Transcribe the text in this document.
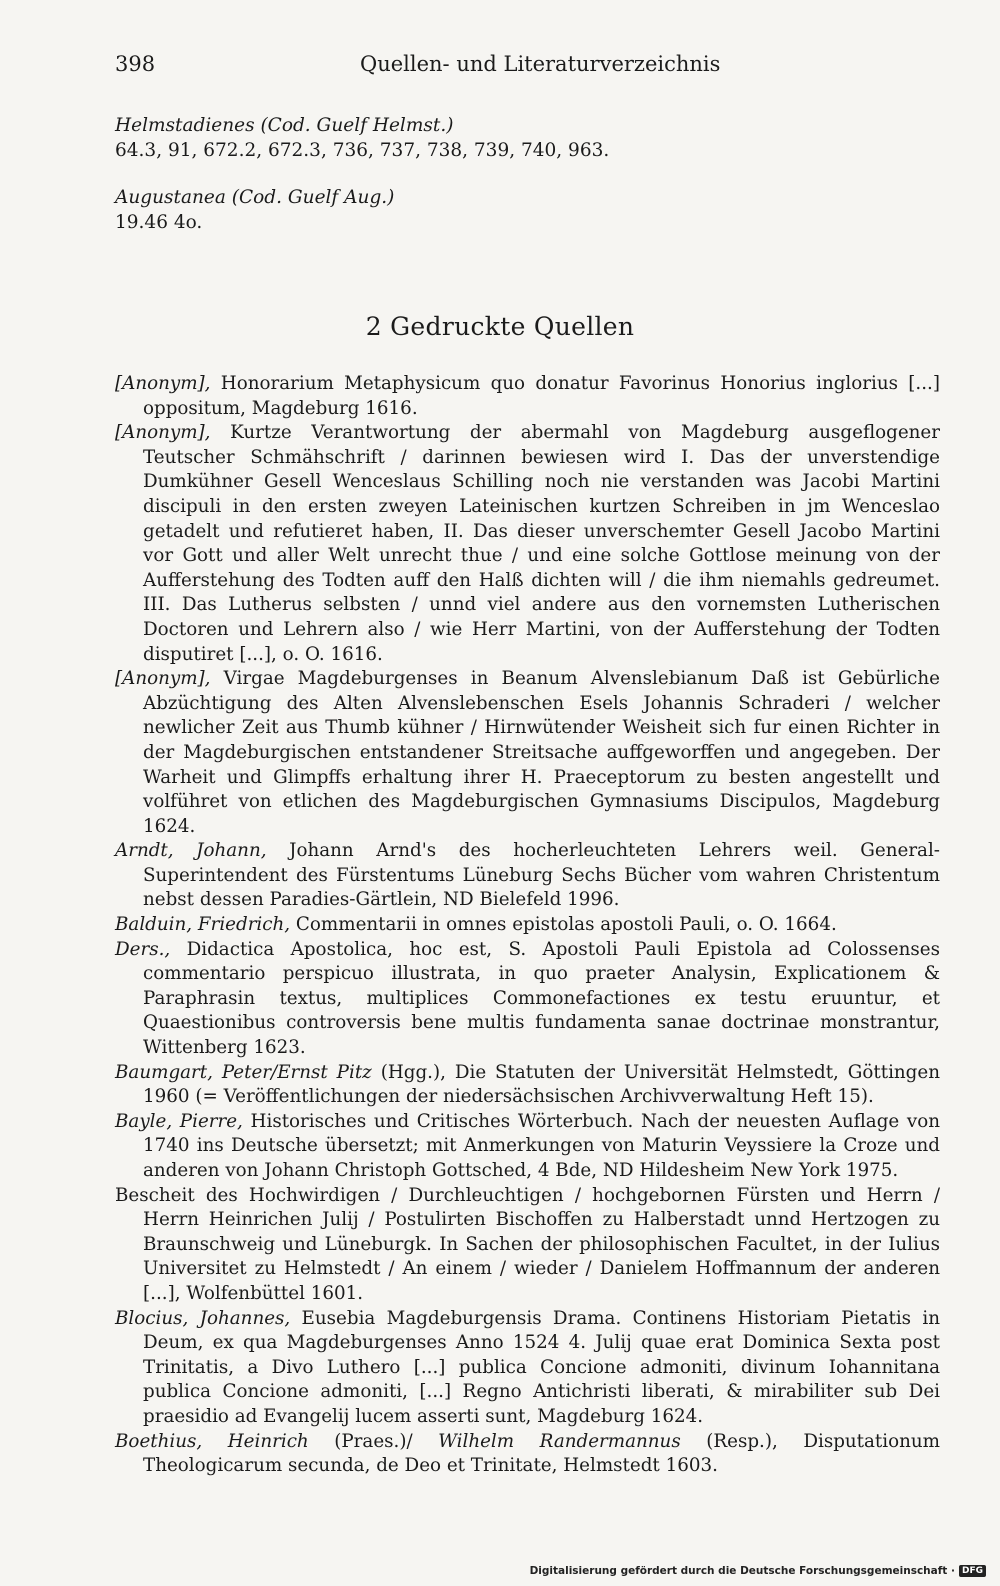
398	Quellen- und Literaturverzeichnis
Helmstadienes (Cod. Guelf Helmst.)
64.3, 91, 672.2, 672.3, 736, 737, 738, 739, 740, 963.
Augustanea (Cod. Guelf Aug.)
19.46 4o.
2 Gedruckte Quellen

[Anonym], Honorarium Metaphysicum quo donatur Favorinus Honorius inglorius [...] oppositum, Magdeburg 1616.

[Anonym], Kurtze Verantwortung der abermahl von Magdeburg ausgeflogener Teutscher Schmähschrift / darinnen bewiesen wird I. Das der unverstendige Dumkühner Gesell Wenceslaus Schilling noch nie verstanden was Jacobi Martini discipuli in den ersten zweyen Lateinischen kurtzen Schreiben in jm Wenceslao getadelt und refutieret haben, II. Das dieser unverschemter Gesell Jacobo Martini vor Gott und aller Welt unrecht thue / und eine solche Gottlose meinung von der Aufferstehung des Todten auff den Halß dichten will / die ihm niemahls gedreumet. III. Das Lutherus selbsten / unnd viel andere aus den vornemsten Lutherischen Doctoren und Lehrern also / wie Herr Martini, von der Aufferstehung der Todten disputiret [...], o. O. 1616.

[Anonym], Virgae Magdeburgenses in Beanum Alvenslebianum Daß ist Gebürliche Abzüchtigung des Alten Alvenslebenschen Esels Johannis Schraderi / welcher newlicher Zeit aus Thumb kühner / Hirnwütender Weisheit sich fur einen Richter in der Magdeburgischen entstandener Streitsache auffgeworffen und angegeben. Der Warheit und Glimpffs erhaltung ihrer H. Praeceptorum zu besten angestellt und volführet von etlichen des Magdeburgischen Gymnasiums Discipulos, Magdeburg 1624.

Arndt, Johann, Johann Arnd's des hocherleuchteten Lehrers weil. General-Superintendent des Fürstentums Lüneburg Sechs Bücher vom wahren Christentum nebst dessen Paradies-Gärtlein, ND Bielefeld 1996.

Balduin, Friedrich, Commentarii in omnes epistolas apostoli Pauli, o. O. 1664.

Ders., Didactica Apostolica, hoc est, S. Apostoli Pauli Epistola ad Colossenses commentario perspicuo illustrata, in quo praeter Analysin, Explicationem & Paraphrasin textus, multiplices Commonefactiones ex testu eruuntur, et Quaestionibus controversis bene multis fundamenta sanae doctrinae monstrantur, Wittenberg 1623.

Baumgart, Peter/Ernst Pitz (Hgg.), Die Statuten der Universität Helmstedt, Göttingen 1960 (= Veröffentlichungen der niedersächsischen Archivverwaltung Heft 15).

Bayle, Pierre, Historisches und Critisches Wörterbuch. Nach der neuesten Auflage von 1740 ins Deutsche übersetzt; mit Anmerkungen von Maturin Veyssiere la Croze und anderen von Johann Christoph Gottsched, 4 Bde, ND Hildesheim New York 1975.

Bescheit des Hochwirdigen / Durchleuchtigen / hochgebornen Fürsten und Herrn / Herrn Heinrichen Julij / Postulirten Bischoffen zu Halberstadt unnd Hertzogen zu Braunschweig und Lüneburgk. In Sachen der philosophischen Facultet, in der Iulius Universitet zu Helmstedt / An einem / wieder / Danielem Hoffmannum der anderen [...], Wolfenbüttel 1601.

Blocius, Johannes, Eusebia Magdeburgensis Drama. Continens Historiam Pietatis in Deum, ex qua Magdeburgenses Anno 1524 4. Julij quae erat Dominica Sexta post Trinitatis, a Divo Luthero [...] publica Concione admoniti, divinum Iohannitana publica Concione admoniti, [...] Regno Antichristi liberati, & mirabiliter sub Dei praesidio ad Evangelij lucem asserti sunt, Magdeburg 1624.

Boethius, Heinrich (Praes.)/ Wilhelm Randermannus (Resp.), Disputationum Theologicarum secunda, de Deo et Trinitate, Helmstedt 1603.

Digitalisierung gefördert durch die Deutsche Forschungsgemeinschaft · DFG
